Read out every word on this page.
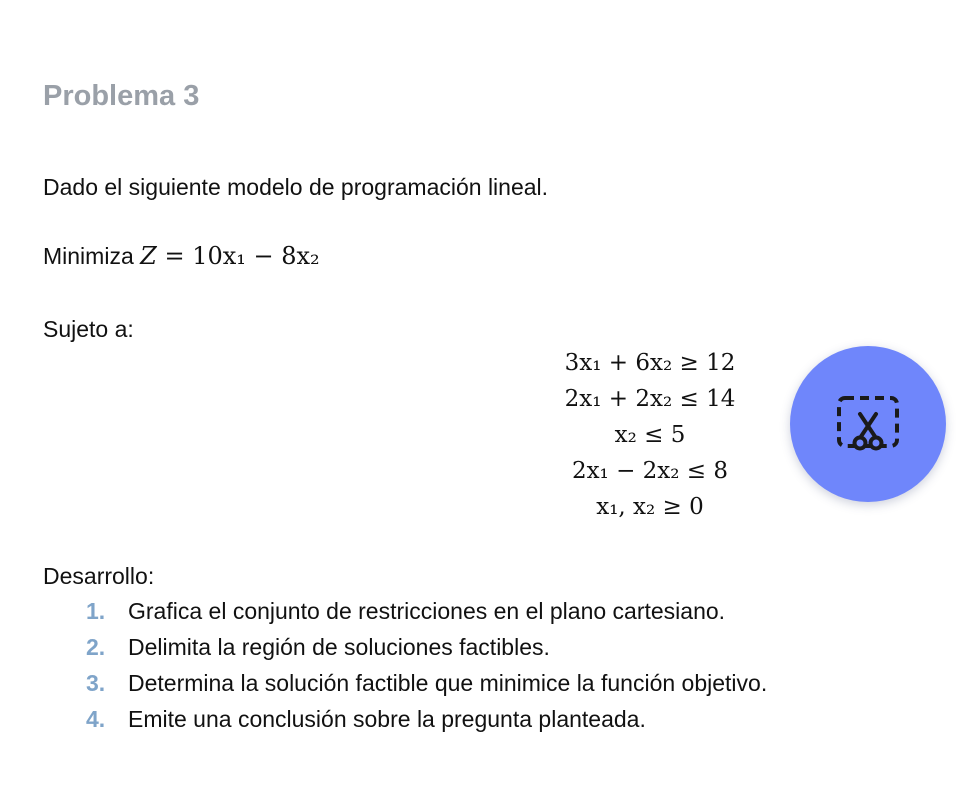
Problema 3
Dado el siguiente modelo de programación lineal.
Minimiza Z = 10x₁ − 8x₂
Sujeto a:
3x₁ + 6x₂ ≥ 12
2x₁ + 2x₂ ≤ 14
x₂ ≤ 5
2x₁ − 2x₂ ≤ 8
x₁, x₂ ≥ 0
Desarrollo:
1. Grafica el conjunto de restricciones en el plano cartesiano.
2. Delimita la región de soluciones factibles.
3. Determina la solución factible que minimice la función objetivo.
4. Emite una conclusión sobre la pregunta planteada.
